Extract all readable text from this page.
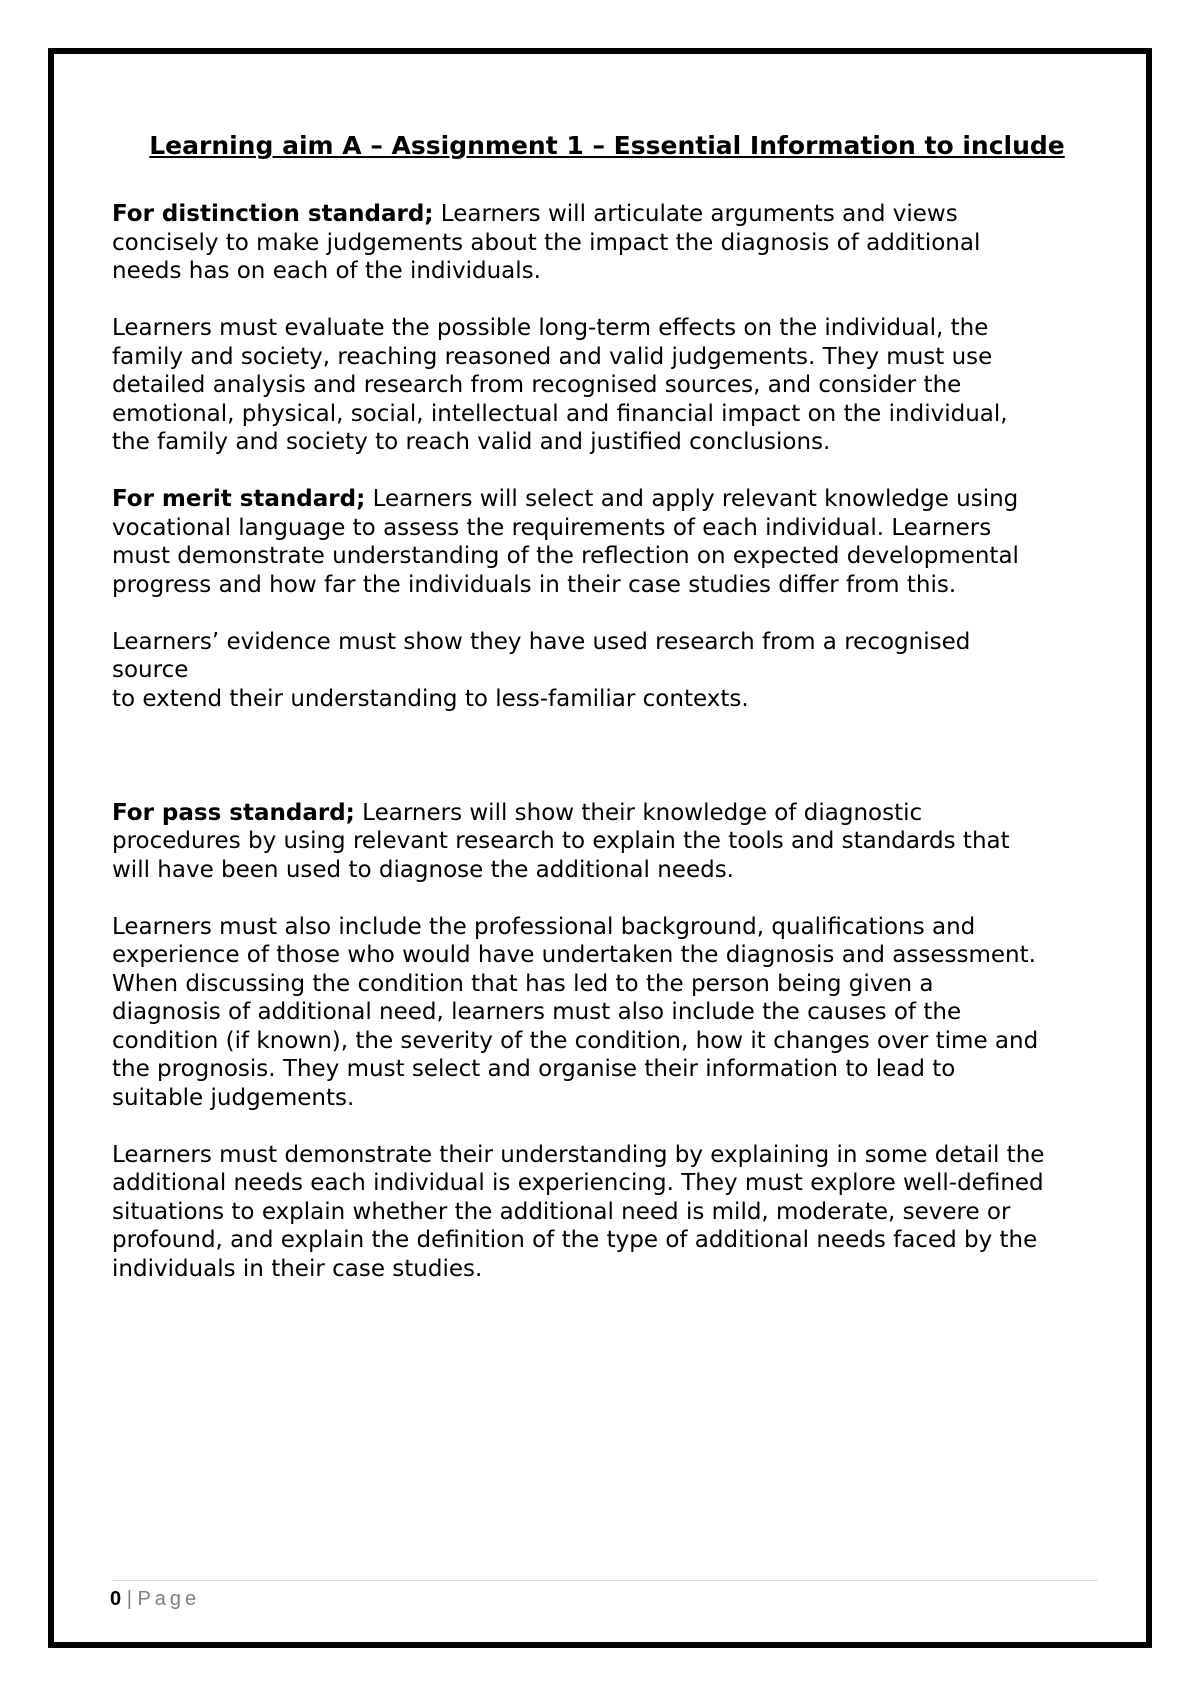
Learning aim A – Assignment 1 – Essential Information to include
For distinction standard; Learners will articulate arguments and views
concisely to make judgements about the impact the diagnosis of additional
needs has on each of the individuals.
Learners must evaluate the possible long-term effects on the individual, the
family and society, reaching reasoned and valid judgements. They must use
detailed analysis and research from recognised sources, and consider the
emotional, physical, social, intellectual and financial impact on the individual,
the family and society to reach valid and justified conclusions.
For merit standard; Learners will select and apply relevant knowledge using
vocational language to assess the requirements of each individual. Learners
must demonstrate understanding of the reflection on expected developmental
progress and how far the individuals in their case studies differ from this.
Learners’ evidence must show they have used research from a recognised
source
to extend their understanding to less-familiar contexts.
For pass standard; Learners will show their knowledge of diagnostic
procedures by using relevant research to explain the tools and standards that
will have been used to diagnose the additional needs.
Learners must also include the professional background, qualifications and
experience of those who would have undertaken the diagnosis and assessment.
When discussing the condition that has led to the person being given a
diagnosis of additional need, learners must also include the causes of the
condition (if known), the severity of the condition, how it changes over time and
the prognosis. They must select and organise their information to lead to
suitable judgements.
Learners must demonstrate their understanding by explaining in some detail the
additional needs each individual is experiencing. They must explore well-defined
situations to explain whether the additional need is mild, moderate, severe or
profound, and explain the definition of the type of additional needs faced by the
individuals in their case studies.
0 | Page
